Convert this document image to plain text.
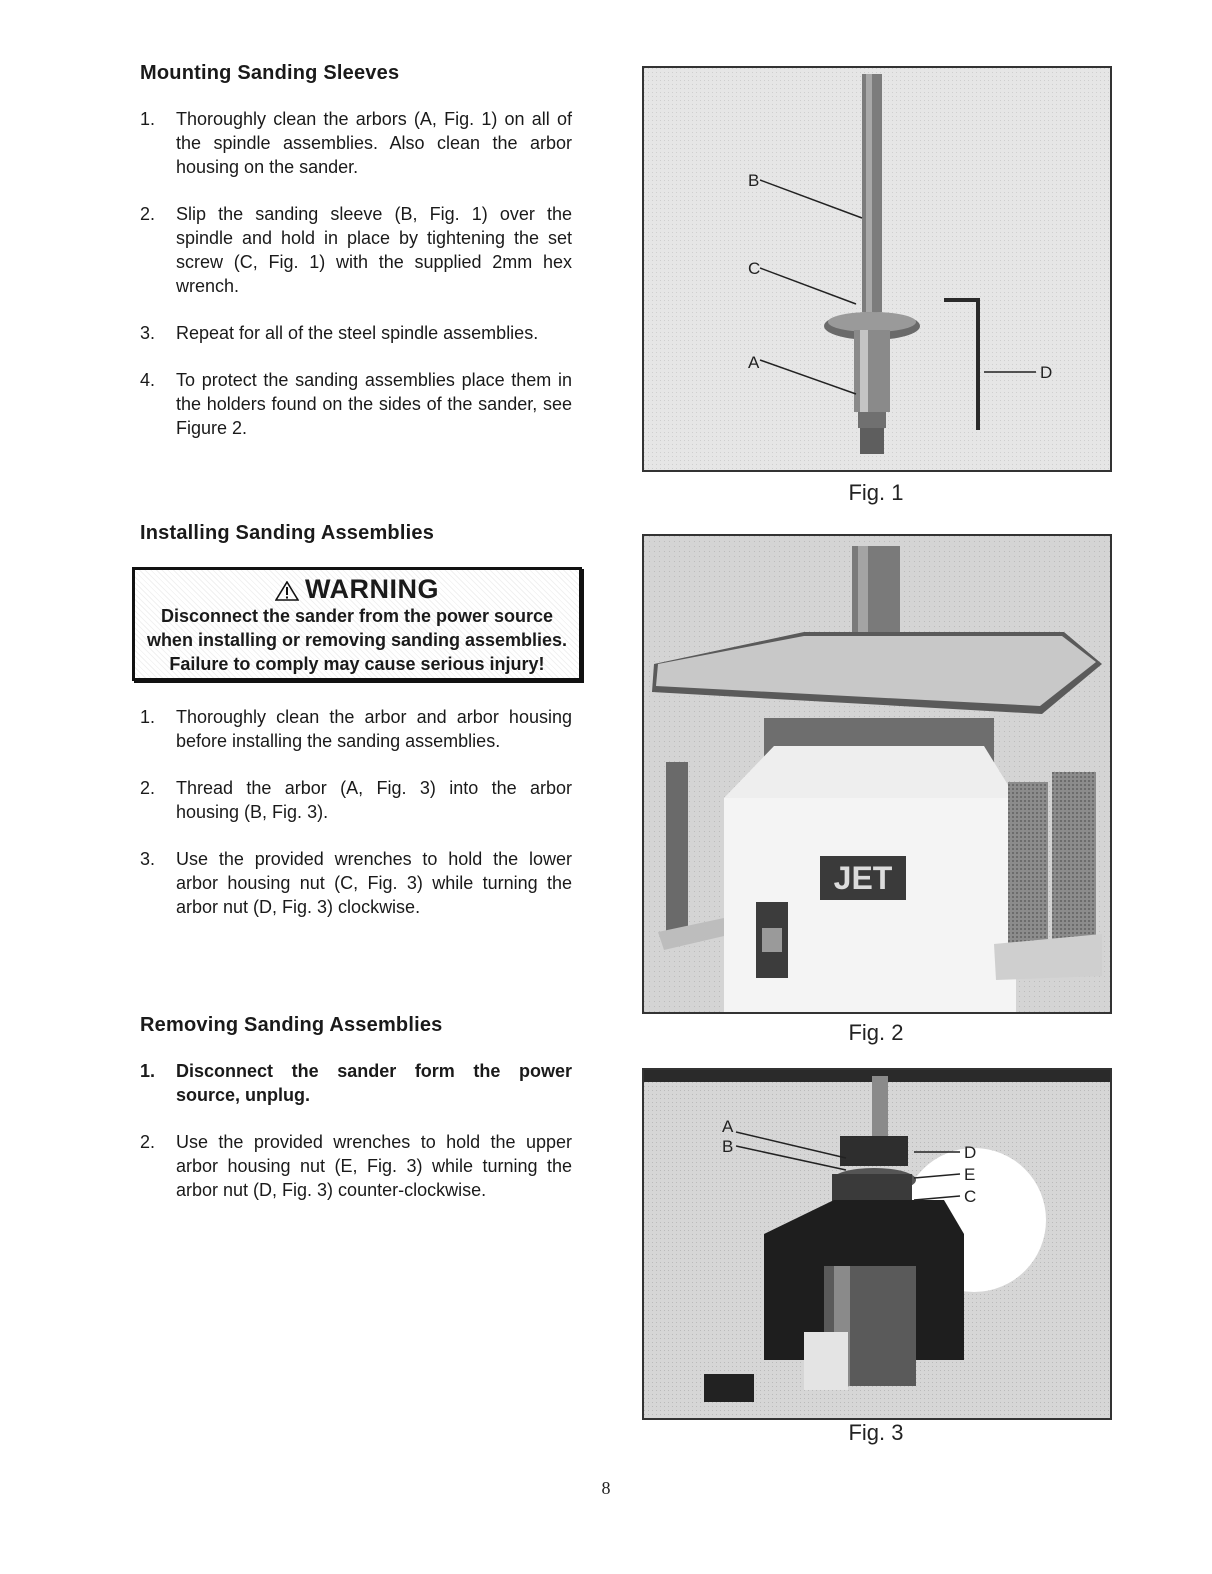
Mounting Sanding Sleeves
1. Thoroughly clean the arbors (A, Fig. 1) on all of the spindle assemblies. Also clean the arbor housing on the sander.
2. Slip the sanding sleeve (B, Fig. 1) over the spindle and hold in place by tightening the set screw (C, Fig. 1) with the supplied 2mm hex wrench.
3. Repeat for all of the steel spindle assemblies.
4. To protect the sanding assemblies place them in the holders found on the sides of the sander, see Figure 2.
Installing Sanding Assemblies
WARNING
Disconnect the sander from the power source when installing or removing sanding assemblies.
Failure to comply may cause serious injury!
1. Thoroughly clean the arbor and arbor housing before installing the sanding assemblies.
2. Thread the arbor (A, Fig. 3) into the arbor housing (B, Fig. 3).
3. Use the provided wrenches to hold the lower arbor housing nut (C, Fig. 3) while turning the arbor nut (D, Fig. 3) clockwise.
Removing Sanding Assemblies
1. Disconnect the sander form the power source, unplug.
2. Use the provided wrenches to hold the upper arbor housing nut (E, Fig. 3) while turning the arbor nut (D, Fig. 3) counter-clockwise.
B
C
A
D
Fig. 1
JET
Fig. 2
A
B	D
E
C
Fig. 3
8
